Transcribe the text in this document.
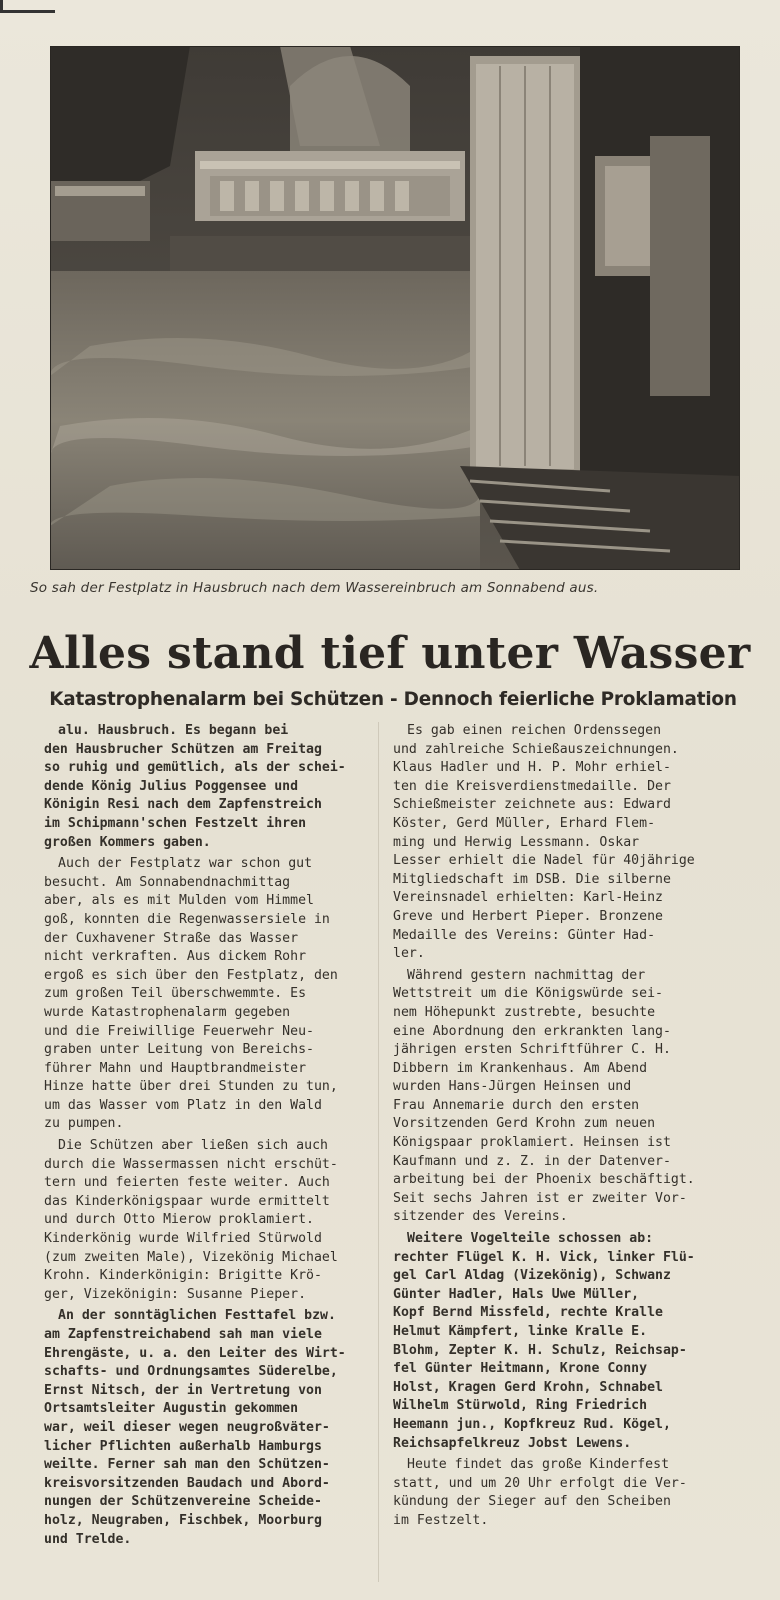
So sah der Festplatz in Hausbruch nach dem Wassereinbruch am Sonnabend aus.
Alles stand tief unter Wasser
Katastrophenalarm bei Schützen - Dennoch feierliche Proklamation
alu. Hausbruch. Es begann bei
den Hausbrucher Schützen am Freitag
so ruhig und gemütlich, als der schei-
dende König Julius Poggensee und
Königin Resi nach dem Zapfenstreich
im Schipmann'schen Festzelt ihren
großen Kommers gaben.
Auch der Festplatz war schon gut
besucht. Am Sonnabendnachmittag
aber, als es mit Mulden vom Himmel
goß, konnten die Regenwassersiele in
der Cuxhavener Straße das Wasser
nicht verkraften. Aus dickem Rohr
ergoß es sich über den Festplatz, den
zum großen Teil überschwemmte. Es
wurde Katastrophenalarm gegeben
und die Freiwillige Feuerwehr Neu-
graben unter Leitung von Bereichs-
führer Mahn und Hauptbrandmeister
Hinze hatte über drei Stunden zu tun,
um das Wasser vom Platz in den Wald
zu pumpen.
Die Schützen aber ließen sich auch
durch die Wassermassen nicht erschüt-
tern und feierten feste weiter. Auch
das Kinderkönigspaar wurde ermittelt
und durch Otto Mierow proklamiert.
Kinderkönig wurde Wilfried Stürwold
(zum zweiten Male), Vizekönig Michael
Krohn. Kinderkönigin: Brigitte Krö-
ger, Vizekönigin: Susanne Pieper.
An der sonntäglichen Festtafel bzw.
am Zapfenstreichabend sah man viele
Ehrengäste, u. a. den Leiter des Wirt-
schafts- und Ordnungsamtes Süderelbe,
Ernst Nitsch, der in Vertretung von
Ortsamtsleiter Augustin gekommen
war, weil dieser wegen neugroßväter-
licher Pflichten außerhalb Hamburgs
weilte. Ferner sah man den Schützen-
kreisvorsitzenden Baudach und Abord-
nungen der Schützenvereine Scheide-
holz, Neugraben, Fischbek, Moorburg
und Trelde.
Es gab einen reichen Ordenssegen
und zahlreiche Schießauszeichnungen.
Klaus Hadler und H. P. Mohr erhiel-
ten die Kreisverdienstmedaille. Der
Schießmeister zeichnete aus: Edward
Köster, Gerd Müller, Erhard Flem-
ming und Herwig Lessmann. Oskar
Lesser erhielt die Nadel für 40jährige
Mitgliedschaft im DSB. Die silberne
Vereinsnadel erhielten: Karl-Heinz
Greve und Herbert Pieper. Bronzene
Medaille des Vereins: Günter Had-
ler.
Während gestern nachmittag der
Wettstreit um die Königswürde sei-
nem Höhepunkt zustrebte, besuchte
eine Abordnung den erkrankten lang-
jährigen ersten Schriftführer C. H.
Dibbern im Krankenhaus. Am Abend
wurden Hans-Jürgen Heinsen und
Frau Annemarie durch den ersten
Vorsitzenden Gerd Krohn zum neuen
Königspaar proklamiert. Heinsen ist
Kaufmann und z. Z. in der Datenver-
arbeitung bei der Phoenix beschäftigt.
Seit sechs Jahren ist er zweiter Vor-
sitzender des Vereins.
Weitere Vogelteile schossen ab:
rechter Flügel K. H. Vick, linker Flü-
gel Carl Aldag (Vizekönig), Schwanz
Günter Hadler, Hals Uwe Müller,
Kopf Bernd Missfeld, rechte Kralle
Helmut Kämpfert, linke Kralle E.
Blohm, Zepter K. H. Schulz, Reichsap-
fel Günter Heitmann, Krone Conny
Holst, Kragen Gerd Krohn, Schnabel
Wilhelm Stürwold, Ring Friedrich
Heemann jun., Kopfkreuz Rud. Kögel,
Reichsapfelkreuz Jobst Lewens.
Heute findet das große Kinderfest
statt, und um 20 Uhr erfolgt die Ver-
kündung der Sieger auf den Scheiben
im Festzelt.
